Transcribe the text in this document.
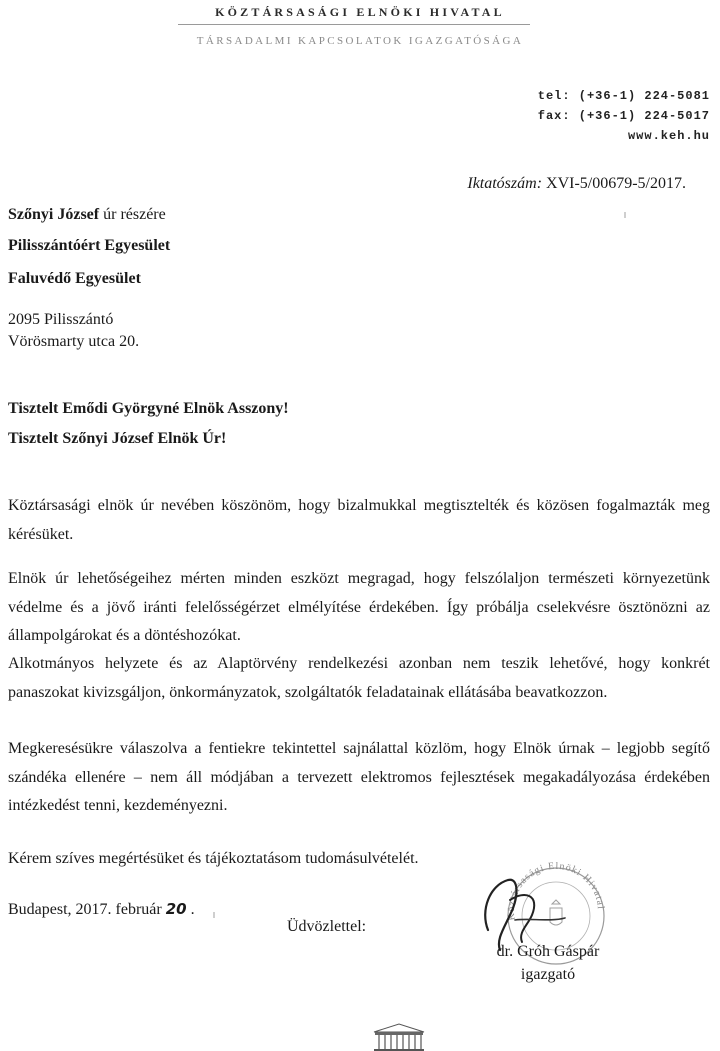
KÖZTÁRSASÁGI ELNÖKI HIVATAL
TÁRSADALMI KAPCSOLATOK IGAZGATÓSÁGA
tel: (+36-1) 224-5081
fax: (+36-1) 224-5017
www.keh.hu
Iktatószám: XVI-5/00679-5/2017.
Szőnyi József úr részére
Pilisszántóért Egyesület
Faluvédő Egyesület
2095 Pilisszántó
Vörösmarty utca 20.
Tisztelt Emődi Györgyné Elnök Asszony!
Tisztelt Szőnyi József Elnök Úr!
Köztársasági elnök úr nevében köszönöm, hogy bizalmukkal megtisztelték és közösen fogalmazták meg kérésüket.
Elnök úr lehetőségeihez mérten minden eszközt megragad, hogy felszólaljon természeti környezetünk védelme és a jövő iránti felelősségérzet elmélyítése érdekében. Így próbálja cselekvésre ösztönözni az állampolgárokat és a döntéshozókat.
Alkotmányos helyzete és az Alaptörvény rendelkezési azonban nem teszik lehetővé, hogy konkrét panaszokat kivizsgáljon, önkormányzatok, szolgáltatók feladatainak ellátásába beavatkozzon.
Megkeresésükre válaszolva a fentiekre tekintettel sajnálattal közlöm, hogy Elnök úrnak – legjobb segítő szándéka ellenére – nem áll módjában a tervezett elektromos fejlesztések megakadályozása érdekében intézkedést tenni, kezdeményezni.
Kérem szíves megértésüket és tájékoztatásom tudomásulvételét.
Budapest, 2017. február 20 .
Üdvözlettel:
Köztársasági Elnöki Hivatal
dr. Gróh Gáspár
igazgató
